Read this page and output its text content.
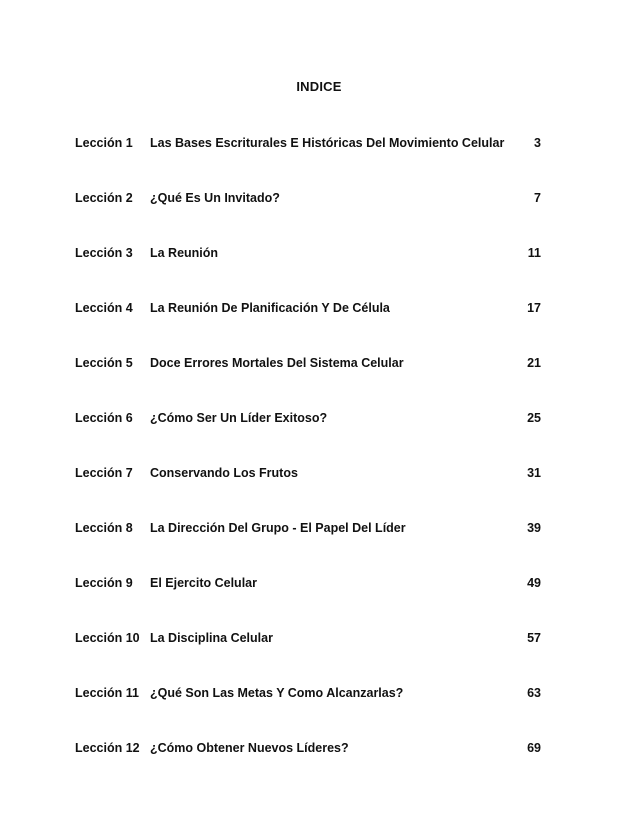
INDICE
Lección 1 Las Bases Escriturales E Históricas Del Movimiento Celular 3
Lección 2 ¿Qué Es Un Invitado?	7
Lección 3 La Reunión	11
Lección 4 La Reunión De Planificación Y De Célula	17
Lección 5 Doce Errores Mortales Del Sistema Celular	21
Lección 6 ¿Cómo Ser Un Líder Exitoso?	25
Lección 7 Conservando Los Frutos	31
Lección 8 La Dirección Del Grupo - El Papel Del Líder	39
Lección 9 El Ejercito Celular	49
Lección 10 La Disciplina Celular	57
Lección 11 ¿Qué Son Las Metas Y Como Alcanzarlas?	63
Lección 12 ¿Cómo Obtener Nuevos Líderes?	69
